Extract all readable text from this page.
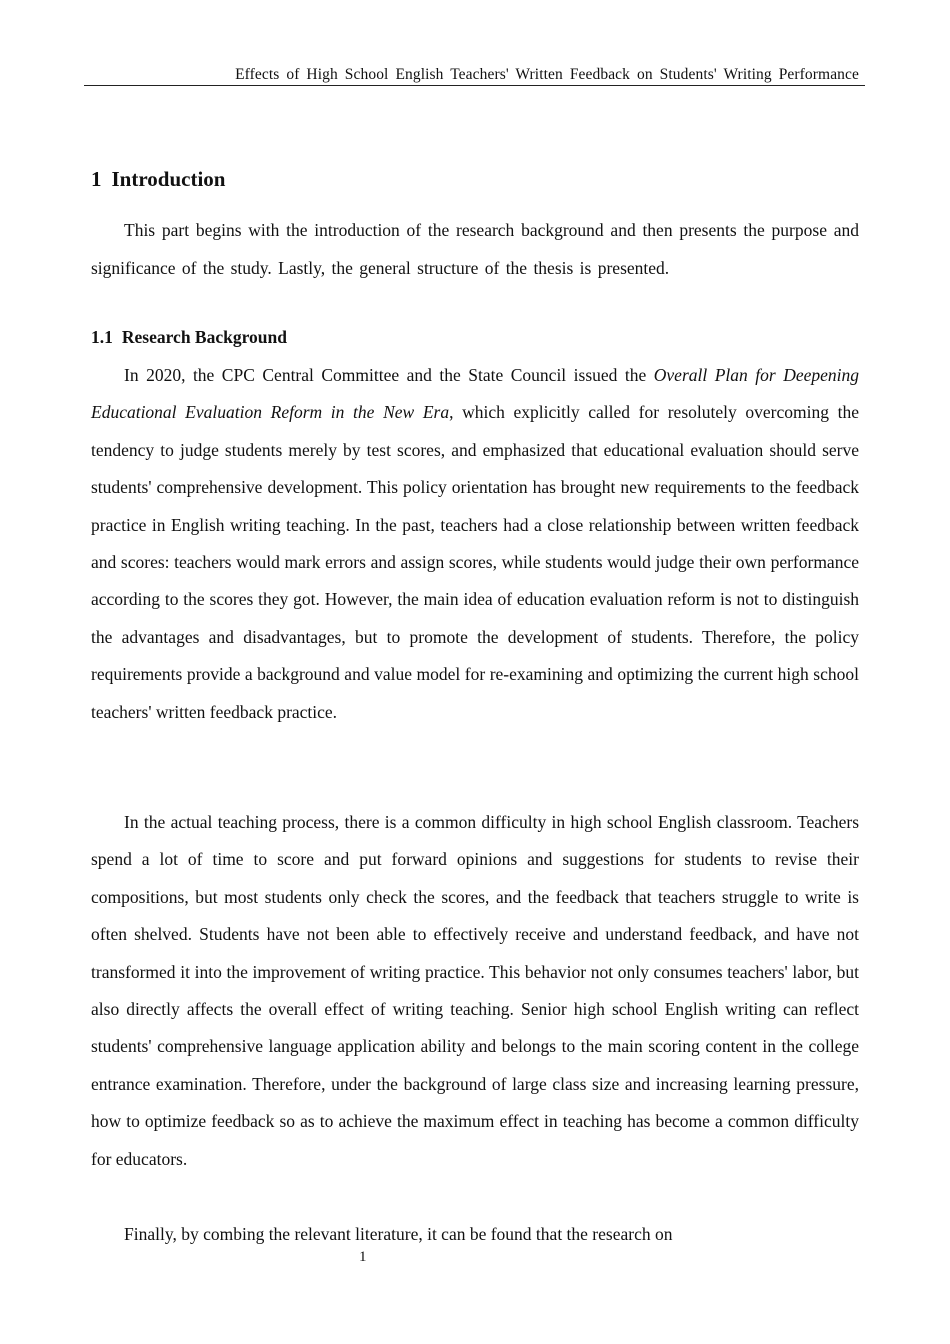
Effects of High School English Teachers' Written Feedback on Students' Writing Performance
1 Introduction

This part begins with the introduction of the research background and then presents the purpose and significance of the study. Lastly, the general structure of the thesis is presented.

1.1 Research Background

In 2020, the CPC Central Committee and the State Council issued the Overall Plan for Deepening Educational Evaluation Reform in the New Era, which explicitly called for resolutely overcoming the tendency to judge students merely by test scores, and emphasized that educational evaluation should serve students' comprehensive development. This policy orientation has brought new requirements to the feedback practice in English writing teaching. In the past, teachers had a close relationship between written feedback and scores: teachers would mark errors and assign scores, while students would judge their own performance according to the scores they got. However, the main idea of education evaluation reform is not to distinguish the advantages and disadvantages, but to promote the development of students. Therefore, the policy requirements provide a background and value model for re-examining and optimizing the current high school teachers' written feedback practice.

In the actual teaching process, there is a common difficulty in high school English classroom. Teachers spend a lot of time to score and put forward opinions and suggestions for students to revise their compositions, but most students only check the scores, and the feedback that teachers struggle to write is often shelved. Students have not been able to effectively receive and understand feedback, and have not transformed it into the improvement of writing practice. This behavior not only consumes teachers' labor, but also directly affects the overall effect of writing teaching. Senior high school English writing can reflect students' comprehensive language application ability and belongs to the main scoring content in the college entrance examination. Therefore, under the background of large class size and increasing learning pressure, how to optimize feedback so as to achieve the maximum effect in teaching has become a common difficulty for educators.

Finally, by combing the relevant literature, it can be found that the research on

1
